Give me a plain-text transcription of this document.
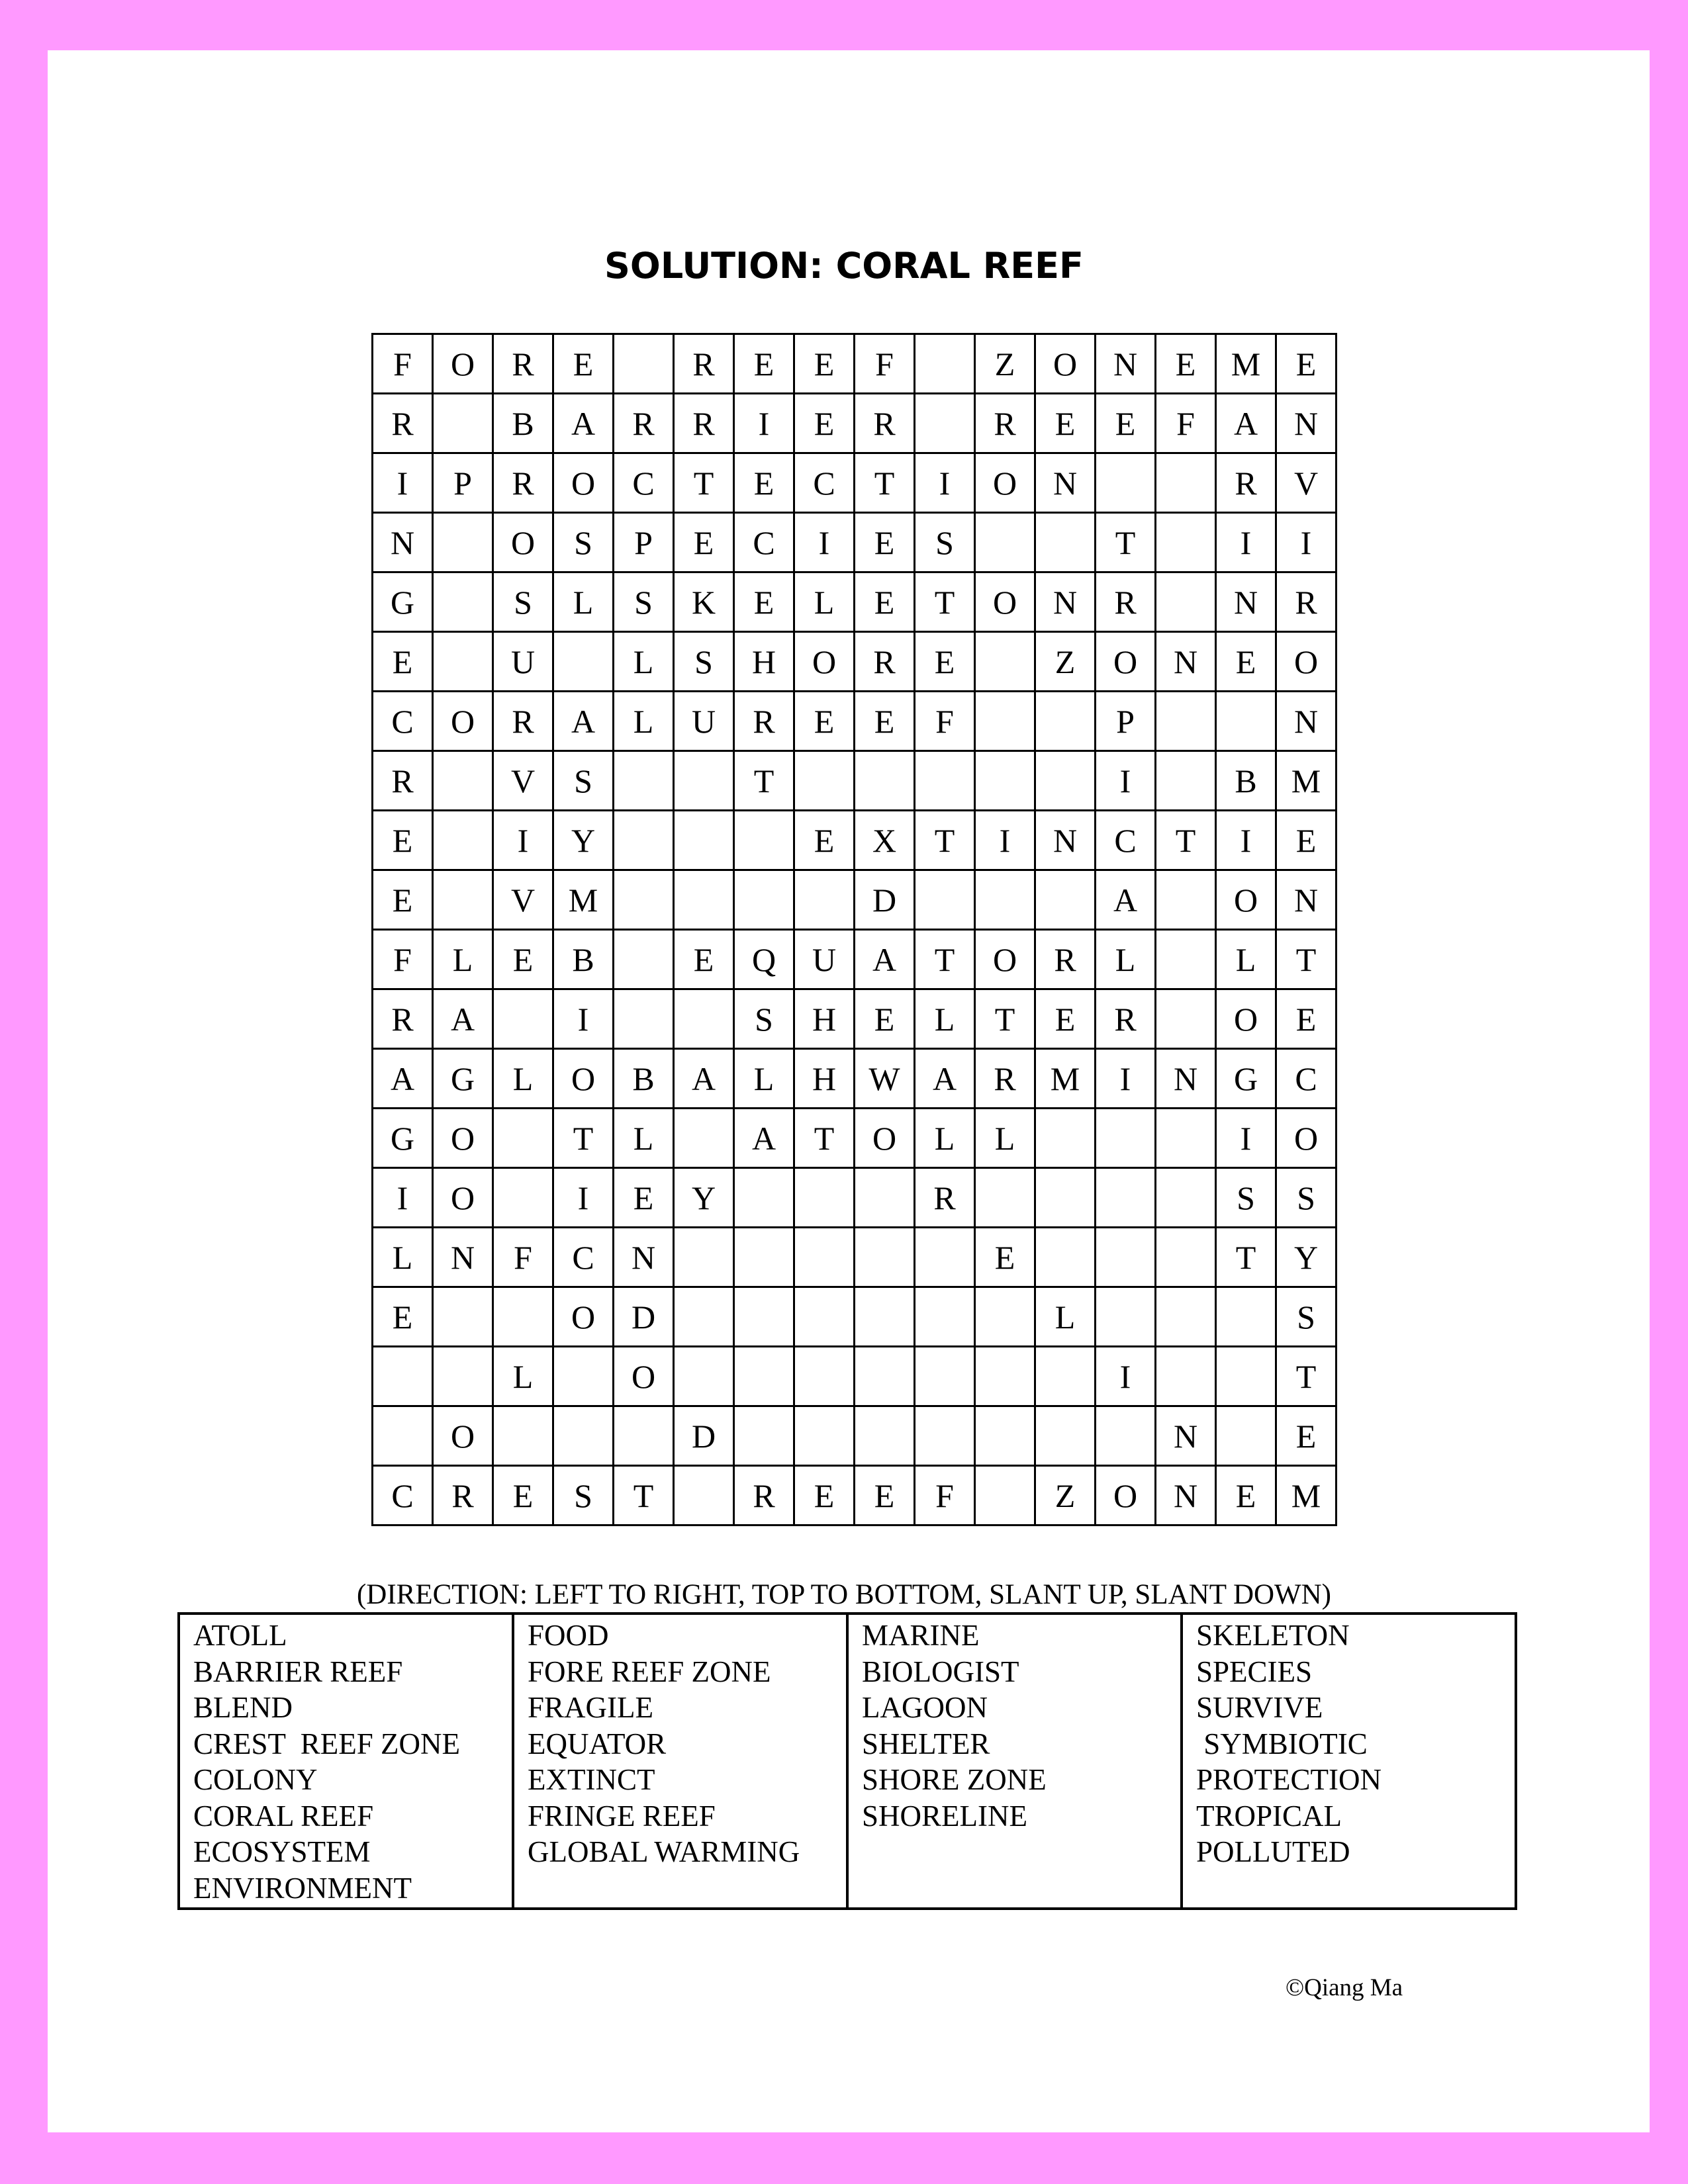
SOLUTION: CORAL REEF
F	O	R	E		R	E	E	F		Z	O	N	E	M	E
R		B	A	R	R	I	E	R		R	E	E	F	A	N
I	P	R	O	C	T	E	C	T	I	O	N			R	V
N		O	S	P	E	C	I	E	S			T		I	I
G		S	L	S	K	E	L	E	T	O	N	R		N	R
E		U		L	S	H	O	R	E		Z	O	N	E	O
C	O	R	A	L	U	R	E	E	F			P			N
R		V	S			T						I		B	M
E		I	Y				E	X	T	I	N	C	T	I	E
E		V	M					D				A		O	N
F	L	E	B		E	Q	U	A	T	O	R	L		L	T
R	A		I			S	H	E	L	T	E	R		O	E
A	G	L	O	B	A	L	H	W	A	R	M	I	N	G	C
G	O		T	L		A	T	O	L	L				I	O
I	O		I	E	Y				R					S	S
L	N	F	C	N						E				T	Y
E			O	D							L				S
		L		O								I			T
	O				D								N		E
C	R	E	S	T		R	E	E	F		Z	O	N	E	M
(DIRECTION: LEFT TO RIGHT, TOP TO BOTTOM, SLANT UP, SLANT DOWN)
ATOLL
BARRIER REEF
BLEND
CREST  REEF ZONE
COLONY
CORAL REEF
ECOSYSTEM
ENVIRONMENT
FOOD
FORE REEF ZONE
FRAGILE
EQUATOR
EXTINCT
FRINGE REEF
GLOBAL WARMING
MARINE
BIOLOGIST
LAGOON
SHELTER
SHORE ZONE
SHORELINE
SKELETON
SPECIES
SURVIVE
SYMBIOTIC
PROTECTION
TROPICAL
POLLUTED
©Qiang Ma
